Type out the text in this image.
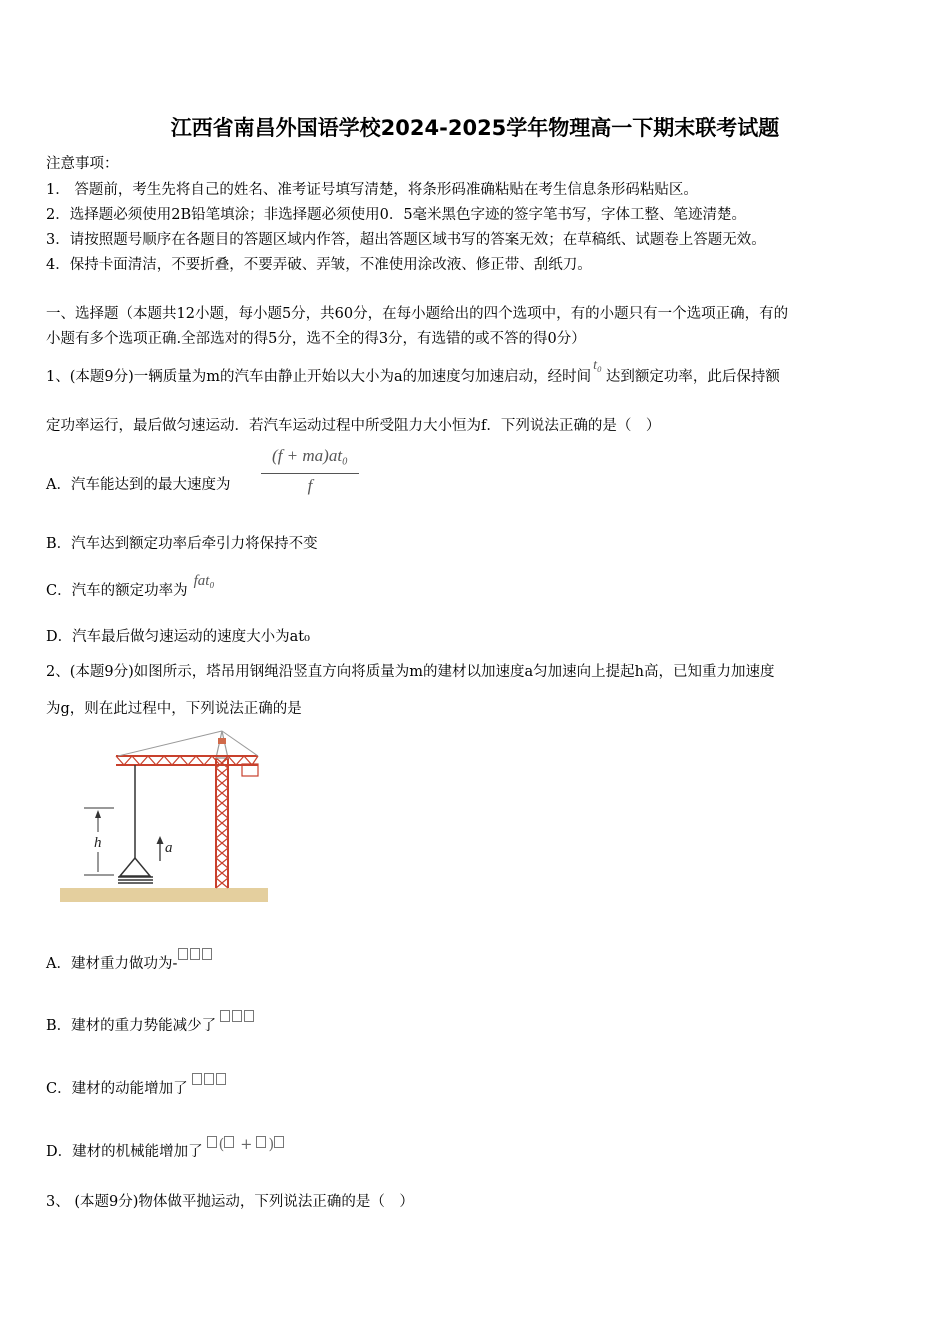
江西省南昌外国语学校2024-2025学年物理高一下期末联考试题
注意事项：
1． 答题前，考生先将自己的姓名、准考证号填写清楚，将条形码准确粘贴在考生信息条形码粘贴区。
2．选择题必须使用2B铅笔填涂；非选择题必须使用0．5毫米黑色字迹的签字笔书写，字体工整、笔迹清楚。
3．请按照题号顺序在各题目的答题区域内作答，超出答题区域书写的答案无效；在草稿纸、试题卷上答题无效。
4．保持卡面清洁，不要折叠，不要弄破、弄皱，不准使用涂改液、修正带、刮纸刀。
一、选择题（本题共12小题，每小题5分，共60分，在每小题给出的四个选项中，有的小题只有一个选项正确，有的
小题有多个选项正确.全部选对的得5分，选不全的得3分，有选错的或不答的得0分）
1、(本题9分)一辆质量为m的汽车由静止开始以大小为a的加速度匀加速启动，经时间t₀达到额定功率，此后保持额
定功率运行，最后做匀速运动．若汽车运动过程中所受阻力大小恒为f．下列说法正确的是（　）
A．汽车能达到的最大速度为
(f + ma)at₀
f
B．汽车达到额定功率后牵引力将保持不变
C．汽车的额定功率为fat₀
D．汽车最后做匀速运动的速度大小为at₀
2、(本题9分)如图所示，塔吊用钢绳沿竖直方向将质量为m的建材以加速度a匀加速向上提起h高，已知重力加速度
为g，则在此过程中，下列说法正确的是
h	a
A．建材重力做功为-
B．建材的重力势能减少了
C．建材的动能增加了
D．建材的机械能增加了 ( + )
3、 (本题9分)物体做平抛运动，下列说法正确的是（　）
